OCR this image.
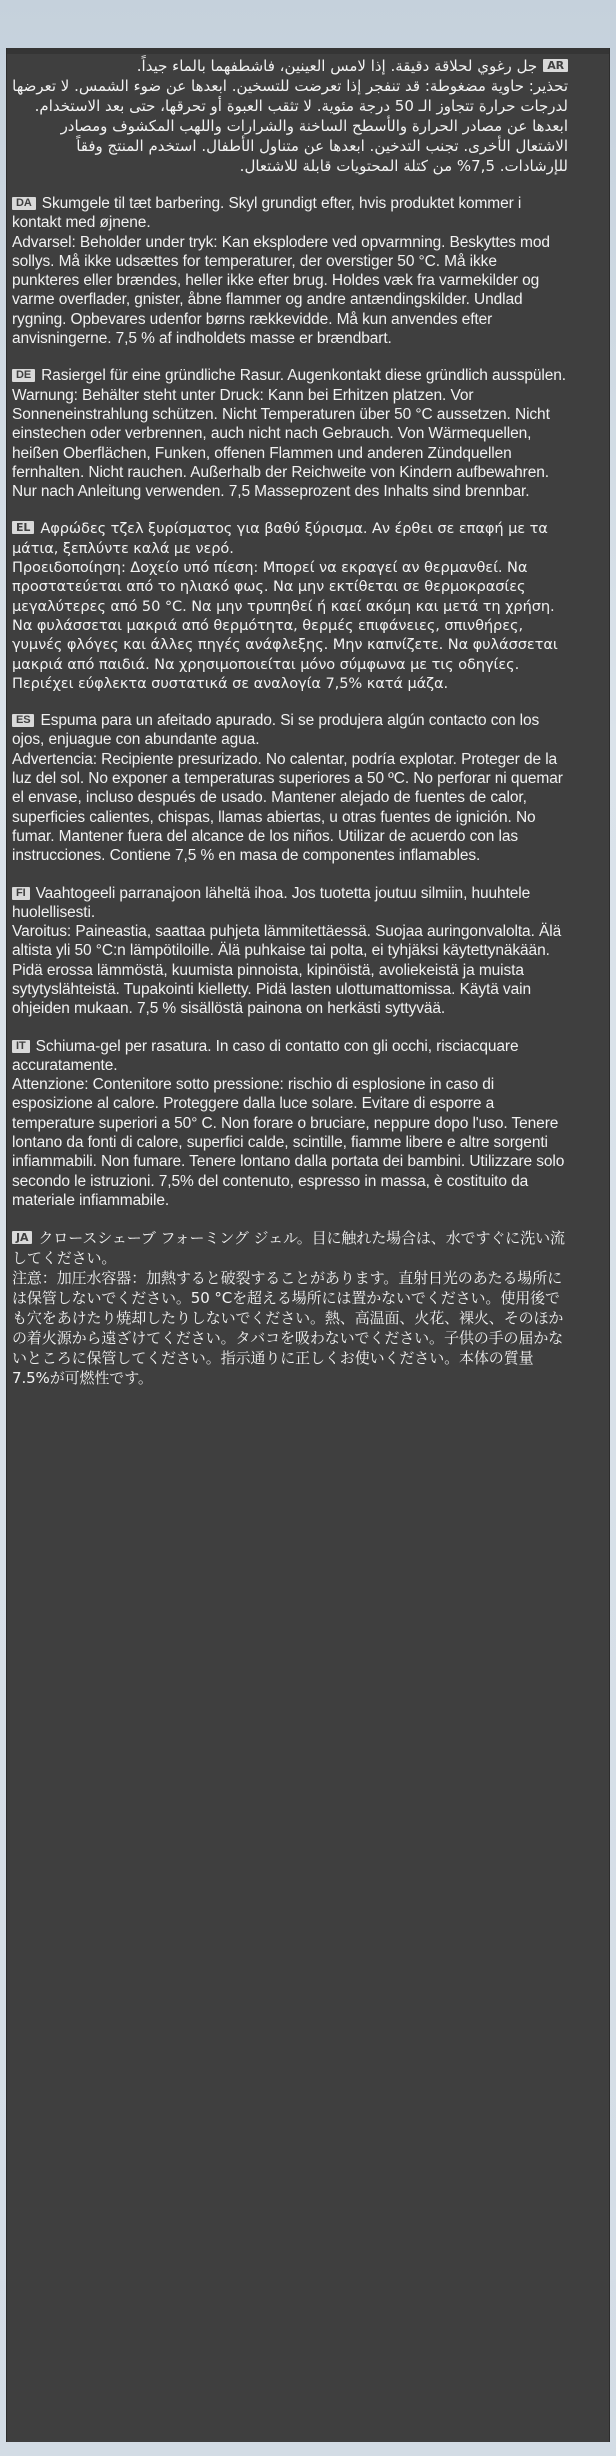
ARجل رغوي لحلاقة دقيقة. إذا لامس العينين، فاشطفهما بالماء جيداً.

تحذير: حاوية مضغوطة: قد تنفجر إذا تعرضت للتسخين. ابعدها عن ضوء الشمس. لا تعرضها لدرجات حرارة تتجاوز الـ 50 درجة مئوية. لا تثقب العبوة أو تحرقها، حتى بعد الاستخدام. ابعدها عن مصادر الحرارة والأسطح الساخنة والشرارات واللهب المكشوف ومصادر الاشتعال الأخرى. تجنب التدخين. ابعدها عن متناول الأطفال. استخدم المنتج وفقاً للإرشادات. 7,5% من كتلة المحتويات قابلة للاشتعال.

DA Skumgele til tæt barbering. Skyl grundigt efter, hvis produktet kommer i kontakt med øjnene.

Advarsel: Beholder under tryk: Kan eksplodere ved opvarmning. Beskyttes mod sollys. Må ikke udsættes for temperaturer, der overstiger 50 °C. Må ikke punkteres eller brændes, heller ikke efter brug. Holdes væk fra varmekilder og varme overflader, gnister, åbne flammer og andre antændingskilder. Undlad rygning. Opbevares udenfor børns rækkevidde. Må kun anvendes efter anvisningerne. 7,5 % af indholdets masse er brændbart.

DE Rasiergel für eine gründliche Rasur. Augenkontakt diese gründlich ausspülen.

Warnung: Behälter steht unter Druck: Kann bei Erhitzen platzen. Vor Sonneneinstrahlung schützen. Nicht Temperaturen über 50 °C aussetzen. Nicht einstechen oder verbrennen, auch nicht nach Gebrauch. Von Wärmequellen, heißen Oberflächen, Funken, offenen Flammen und anderen Zündquellen fernhalten. Nicht rauchen. Außerhalb der Reichweite von Kindern aufbewahren. Nur nach Anleitung verwenden. 7,5 Masseprozent des Inhalts sind brennbar.

EL Αφρώδες τζελ ξυρίσματος για βαθύ ξύρισμα. Αν έρθει σε επαφή με τα μάτια, ξεπλύντε καλά με νερό.

Προειδοποίηση: Δοχείο υπό πίεση: Μπορεί να εκραγεί αν θερμανθεί. Να προστατεύεται από το ηλιακό φως. Να μην εκτίθεται σε θερμοκρασίες μεγαλύτερες από 50 °C. Να μην τρυπηθεί ή καεί ακόμη και μετά τη χρήση. Να φυλάσσεται μακριά από θερμότητα, θερμές επιφάνειες, σπινθήρες, γυμνές φλόγες και άλλες πηγές ανάφλεξης. Μην καπνίζετε. Να φυλάσσεται μακριά από παιδιά. Να χρησιμοποιείται μόνο σύμφωνα με τις οδηγίες. Περιέχει εύφλεκτα συστατικά σε αναλογία 7,5% κατά μάζα.

ES Espuma para un afeitado apurado. Si se produjera algún contacto con los ojos, enjuague con abundante agua.

Advertencia: Recipiente presurizado. No calentar, podría explotar. Proteger de la luz del sol. No exponer a temperaturas superiores a 50 ºC. No perforar ni quemar el envase, incluso después de usado. Mantener alejado de fuentes de calor, superficies calientes, chispas, llamas abiertas, u otras fuentes de ignición. No fumar. Mantener fuera del alcance de los niños. Utilizar de acuerdo con las instrucciones. Contiene 7,5 % en masa de componentes inflamables.

FI Vaahtogeeli parranajoon läheltä ihoa. Jos tuotetta joutuu silmiin, huuhtele huolellisesti.

Varoitus: Paineastia, saattaa puhjeta lämmitettäessä. Suojaa auringonvalolta. Älä altista yli 50 °C:n lämpötiloille. Älä puhkaise tai polta, ei tyhjäksi käytettynäkään. Pidä erossa lämmöstä, kuumista pinnoista, kipinöistä, avoliekeistä ja muista sytytyslähteistä. Tupakointi kielletty. Pidä lasten ulottumattomissa. Käytä vain ohjeiden mukaan. 7,5 % sisällöstä painona on herkästi syttyvää.

IT Schiuma-gel per rasatura. In caso di contatto con gli occhi, risciacquare accuratamente.

Attenzione: Contenitore sotto pressione: rischio di esplosione in caso di esposizione al calore. Proteggere dalla luce solare. Evitare di esporre a temperature superiori a 50° C. Non forare o bruciare, neppure dopo l'uso. Tenere lontano da fonti di calore, superfici calde, scintille, fiamme libere e altre sorgenti infiammabili. Non fumare. Tenere lontano dalla portata dei bambini. Utilizzare solo secondo le istruzioni. 7,5% del contenuto, espresso in massa, è costituito da materiale infiammabile.

JA クロースシェーブ フォーミング ジェル。目に触れた場合は、水ですぐに洗い流してください。

注意：加圧水容器：加熱すると破裂することがあります。直射日光のあたる場所には保管しないでください。50 °Cを超える場所には置かないでください。使用後でも穴をあけたり焼却したりしないでください。熱、高温面、火花、裸火、そのほかの着火源から遠ざけてください。タバコを吸わないでください。子供の手の届かないところに保管してください。指示通りに正しくお使いください。本体の質量7.5%が可燃性です。
